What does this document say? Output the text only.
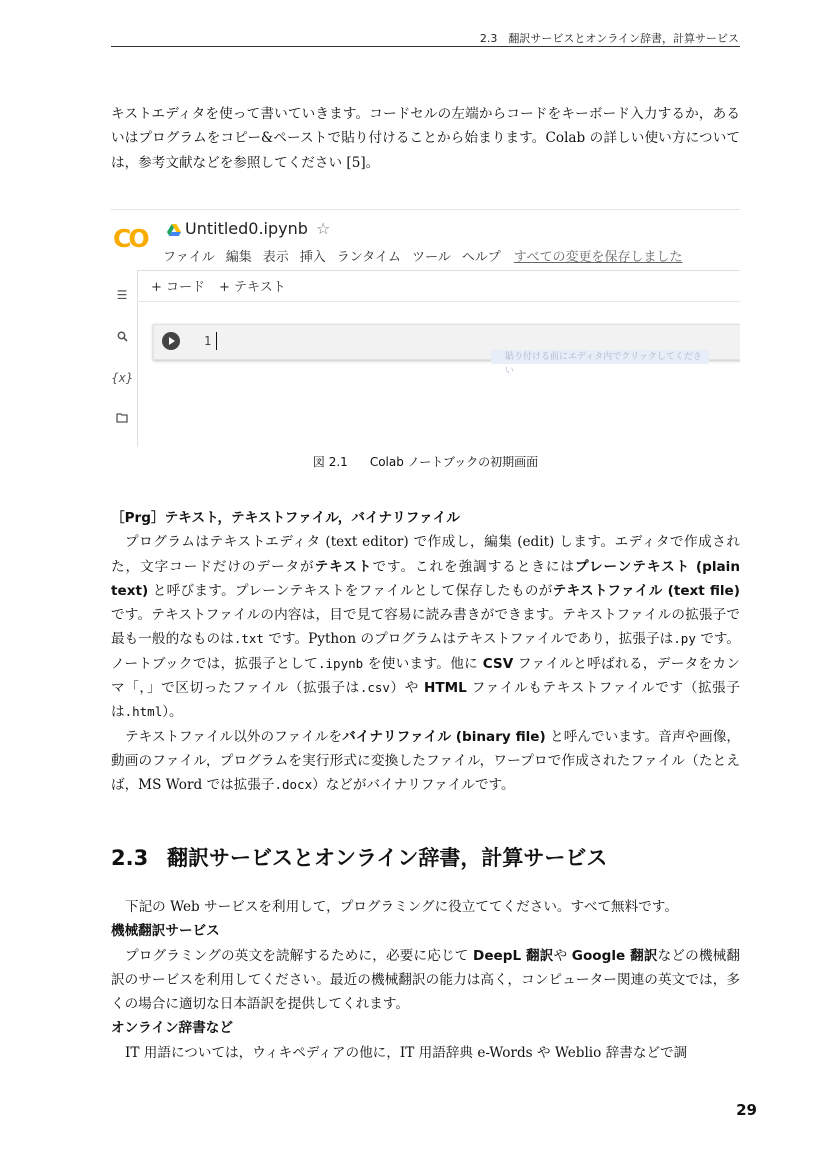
2.3　翻訳サービスとオンライン辞書，計算サービス

キストエディタを使って書いていきます。コードセルの左端からコードをキーボード入力するか，あるいはプログラムをコピー&ペーストで貼り付けることから始まります。Colab の詳しい使い方については，参考文献などを参照してください [5]。

CO Untitled0.ipynb ☆
ファイル 編集 表示 挿入 ランタイム ツール ヘルプ すべての変更を保存しました
☰
{x}
+ コード + テキスト
1
貼り付ける前にエディタ内でクリックしてください
図 2.1 Colab ノートブックの初期画面

［Prg］テキスト，テキストファイル，バイナリファイル

プログラムはテキストエディタ (text editor) で作成し，編集 (edit) します。エディタで作成された，文字コードだけのデータがテキストです。これを強調するときにはプレーンテキスト (plain text) と呼びます。プレーンテキストをファイルとして保存したものがテキストファイル (text file) です。テキストファイルの内容は，目で見て容易に読み書きができます。テキストファイルの拡張子で最も一般的なものは.txt です。Python のプログラムはテキストファイルであり，拡張子は.py です。ノートブックでは，拡張子として.ipynb を使います。他に CSV ファイルと呼ばれる，データをカンマ「，」で区切ったファイル（拡張子は.csv）や HTML ファイルもテキストファイルです（拡張子は.html）。

テキストファイル以外のファイルをバイナリファイル (binary file) と呼んでいます。音声や画像，動画のファイル，プログラムを実行形式に変換したファイル，ワープロで作成されたファイル（たとえば，MS Word では拡張子.docx）などがバイナリファイルです。

2.3 翻訳サービスとオンライン辞書，計算サービス

下記の Web サービスを利用して，プログラミングに役立ててください。すべて無料です。

機械翻訳サービス

プログラミングの英文を読解するために，必要に応じて DeepL 翻訳や Google 翻訳などの機械翻訳のサービスを利用してください。最近の機械翻訳の能力は高く，コンピューター関連の英文では，多くの場合に適切な日本語訳を提供してくれます。

オンライン辞書など

IT 用語については，ウィキペディアの他に，IT 用語辞典 e-Words や Weblio 辞書などで調

29
